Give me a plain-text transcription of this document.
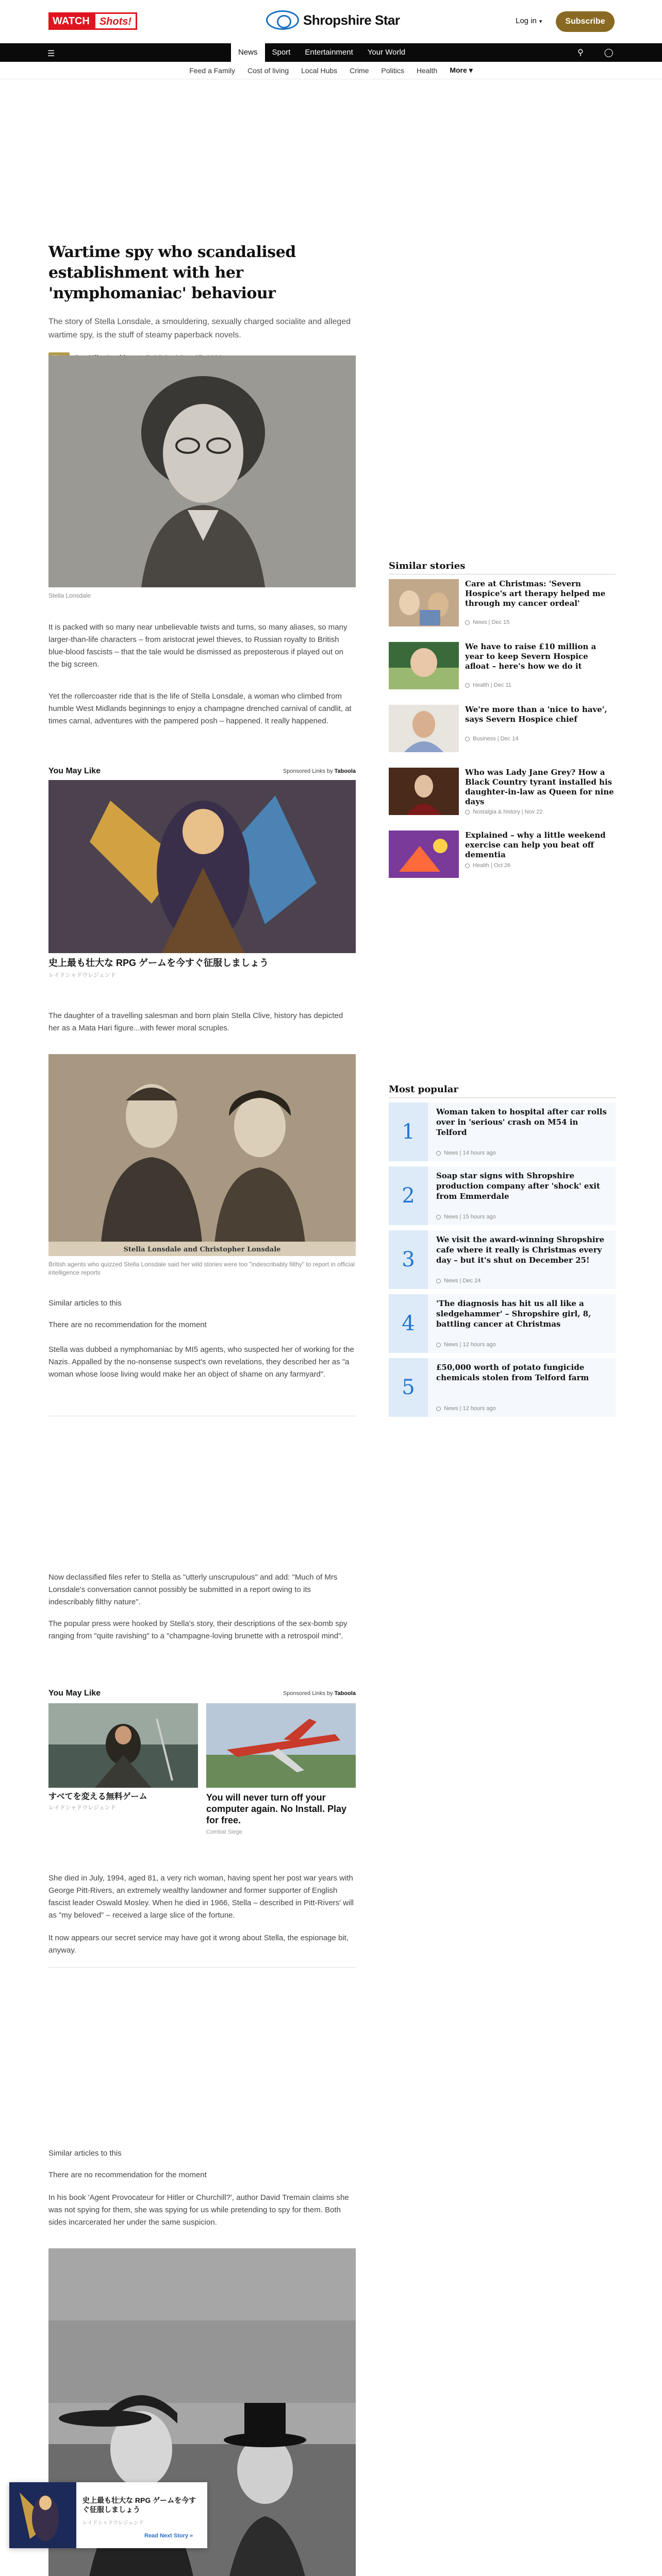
WATCH Shots!	Shropshire Star	Log in ▾	Subscribe
☰	News	Sport	Entertainment	Your World	⚲	◯
Feed a Family Cost of living Local Hubs Crime Politics Health More ▾
Wartime spy who scandalised establishment with her 'nymphomaniac' behaviour

The story of Stella Lonsdale, a smouldering, sexually charged socialite and alleged wartime spy, is the stuff of steamy paperback novels.

Stella Lonsdale

It is packed with so many near unbelievable twists and turns, so many aliases, so many larger-than-life characters – from aristocrat jewel thieves, to Russian royalty to British blue-blood fascists – that the tale would be dismissed as preposterous if played out on the big screen.

Yet the rollercoaster ride that is the life of Stella Lonsdale, a woman who climbed from humble West Midlands beginnings to enjoy a champagne drenched carnival of candlit, at times carnal, adventures with the pampered posh – happened. It really happened.

You May Like	Sponsored Links by Taboola
史上最も壮大な RPG ゲームを今すぐ征服しましょう
レイドシャドウレジェンド

The daughter of a travelling salesman and born plain Stella Clive, history has depicted her as a Mata Hari figure...with fewer moral scruples.

Stella Lonsdale and Christopher Lonsdale
British agents who quizzed Stella Lonsdale said her wild stories were too "indescribably filthy" to report in official intelligence reports

Similar articles to this

There are no recommendation for the moment

Stella was dubbed a nymphomaniac by MI5 agents, who suspected her of working for the Nazis. Appalled by the no-nonsense suspect's own revelations, they described her as "a woman whose loose living would make her an object of shame on any farmyard".

Now declassified files refer to Stella as "utterly unscrupulous" and add: "Much of Mrs Lonsdale's conversation cannot possibly be submitted in a report owing to its indescribably filthy nature".

The popular press were hooked by Stella's story, their descriptions of the sex-bomb spy ranging from "quite ravishing" to a "champagne-loving brunette with a retrospoil mind".

You May Like	Sponsored Links by Taboola
すべてを変える無料ゲーム
レイドシャドウレジェンド
You will never turn off your computer again. No Install. Play for free.
Combat Siege

She died in July, 1994, aged 81, a very rich woman, having spent her post war years with George Pitt-Rivers, an extremely wealthy landowner and former supporter of English fascist leader Oswald Mosley. When he died in 1966, Stella – described in Pitt-Rivers' will as "my beloved" – received a large slice of the fortune.

It now appears our secret service may have got it wrong about Stella, the espionage bit, anyway.

Similar articles to this

There are no recommendation for the moment

In his book 'Agent Provocateur for Hitler or Churchill?', author David Tremain claims she was not spying for them, she was spying for us while pretending to spy for them. Both sides incarcerated her under the same suspicion.

Similar stories
Care at Christmas: 'Severn Hospice's art therapy helped me through my cancer ordeal'
News | Dec 15
We have to raise £10 million a year to keep Severn Hospice afloat – here's how we do it
Health | Dec 11
We're more than a 'nice to have', says Severn Hospice chief
Business | Dec 14
Who was Lady Jane Grey? How a Black Country tyrant installed his daughter-in-law as Queen for nine days
Nostalgia & history | Nov 22
Explained – why a little weekend exercise can help you beat off dementia
Health | Oct 26
Most popular
1
Woman taken to hospital after car rolls over in 'serious' crash on M54 in Telford
News | 14 hours ago
2
Soap star signs with Shropshire production company after 'shock' exit from Emmerdale
News | 15 hours ago
3
We visit the award-winning Shropshire cafe where it really is Christmas every day – but it's shut on December 25!
News | Dec 24
4
'The diagnosis has hit us all like a sledgehammer' – Shropshire girl, 8, battling cancer at Christmas
News | 12 hours ago
5
£50,000 worth of potato fungicide chemicals stolen from Telford farm
News | 12 hours ago
史上最も壮大な RPG ゲームを今すぐ征服しましょう
レイドシャドウレジェンド
Read Next Story »
